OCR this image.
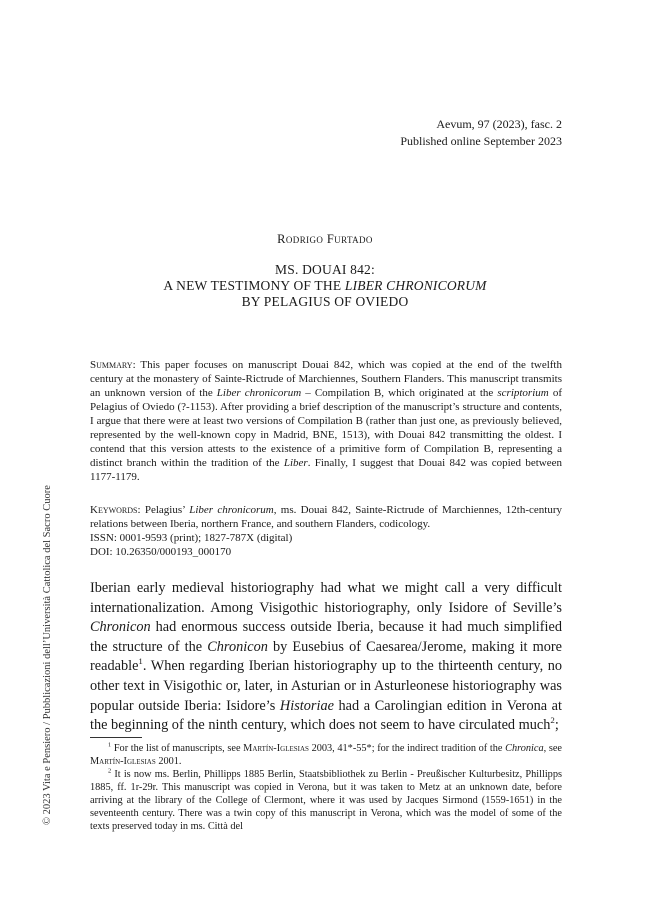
© 2023 Vita e Pensiero / Pubblicazioni dell’Università Cattolica del Sacro Cuore
Aevum, 97 (2023), fasc. 2
Published online September 2023
Rodrigo Furtado
MS. DOUAI 842:
A NEW TESTIMONY OF THE LIBER CHRONICORUM
BY PELAGIUS OF OVIEDO
Summary: This paper focuses on manuscript Douai 842, which was copied at the end of the twelfth century at the monastery of Sainte-Rictrude of Marchiennes, Southern Flanders. This manuscript transmits an unknown version of the Liber chronicorum – Compilation B, which originated at the scriptorium of Pelagius of Oviedo (?-1153). After providing a brief description of the manuscript’s structure and contents, I argue that there were at least two versions of Compilation B (rather than just one, as previously believed, represented by the well-known copy in Madrid, BNE, 1513), with Douai 842 transmitting the oldest. I contend that this version attests to the existence of a primitive form of Compilation B, representing a distinct branch within the tradition of the Liber. Finally, I suggest that Douai 842 was copied between 1177-1179.
Keywords: Pelagius’ Liber chronicorum, ms. Douai 842, Sainte-Rictrude of Marchiennes, 12th-century relations between Iberia, northern France, and southern Flanders, codicology.
ISSN: 0001-9593 (print); 1827-787X (digital)
DOI: 10.26350/000193_000170
Iberian early medieval historiography had what we might call a very difficult internationalization. Among Visigothic historiography, only Isidore of Seville’s Chronicon had enormous success outside Iberia, because it had much simplified the structure of the Chronicon by Eusebius of Caesarea/Jerome, making it more readable$^1$. When regarding Iberian historiography up to the thirteenth century, no other text in Visigothic or, later, in Asturian or in Asturleonese historiography was popular outside Iberia: Isidore’s Historiae had a Carolingian edition in Verona at the beginning of the ninth century, which does not seem to have circulated much$^2$;

$^1$ For the list of manuscripts, see Martín-Iglesias 2003, 41*-55*; for the indirect tradition of the Chronica, see Martín-Iglesias 2001.

$^2$ It is now ms. Berlin, Phillipps 1885 Berlin, Staatsbibliothek zu Berlin - Preußischer Kulturbesitz, Phillipps 1885, ff. 1r-29r. This manuscript was copied in Verona, but it was taken to Metz at an unknown date, before arriving at the library of the College of Clermont, where it was used by Jacques Sirmond (1559-1651) in the seventeenth century. There was a twin copy of this manuscript in Verona, which was the model of some of the texts preserved today in ms. Città del
